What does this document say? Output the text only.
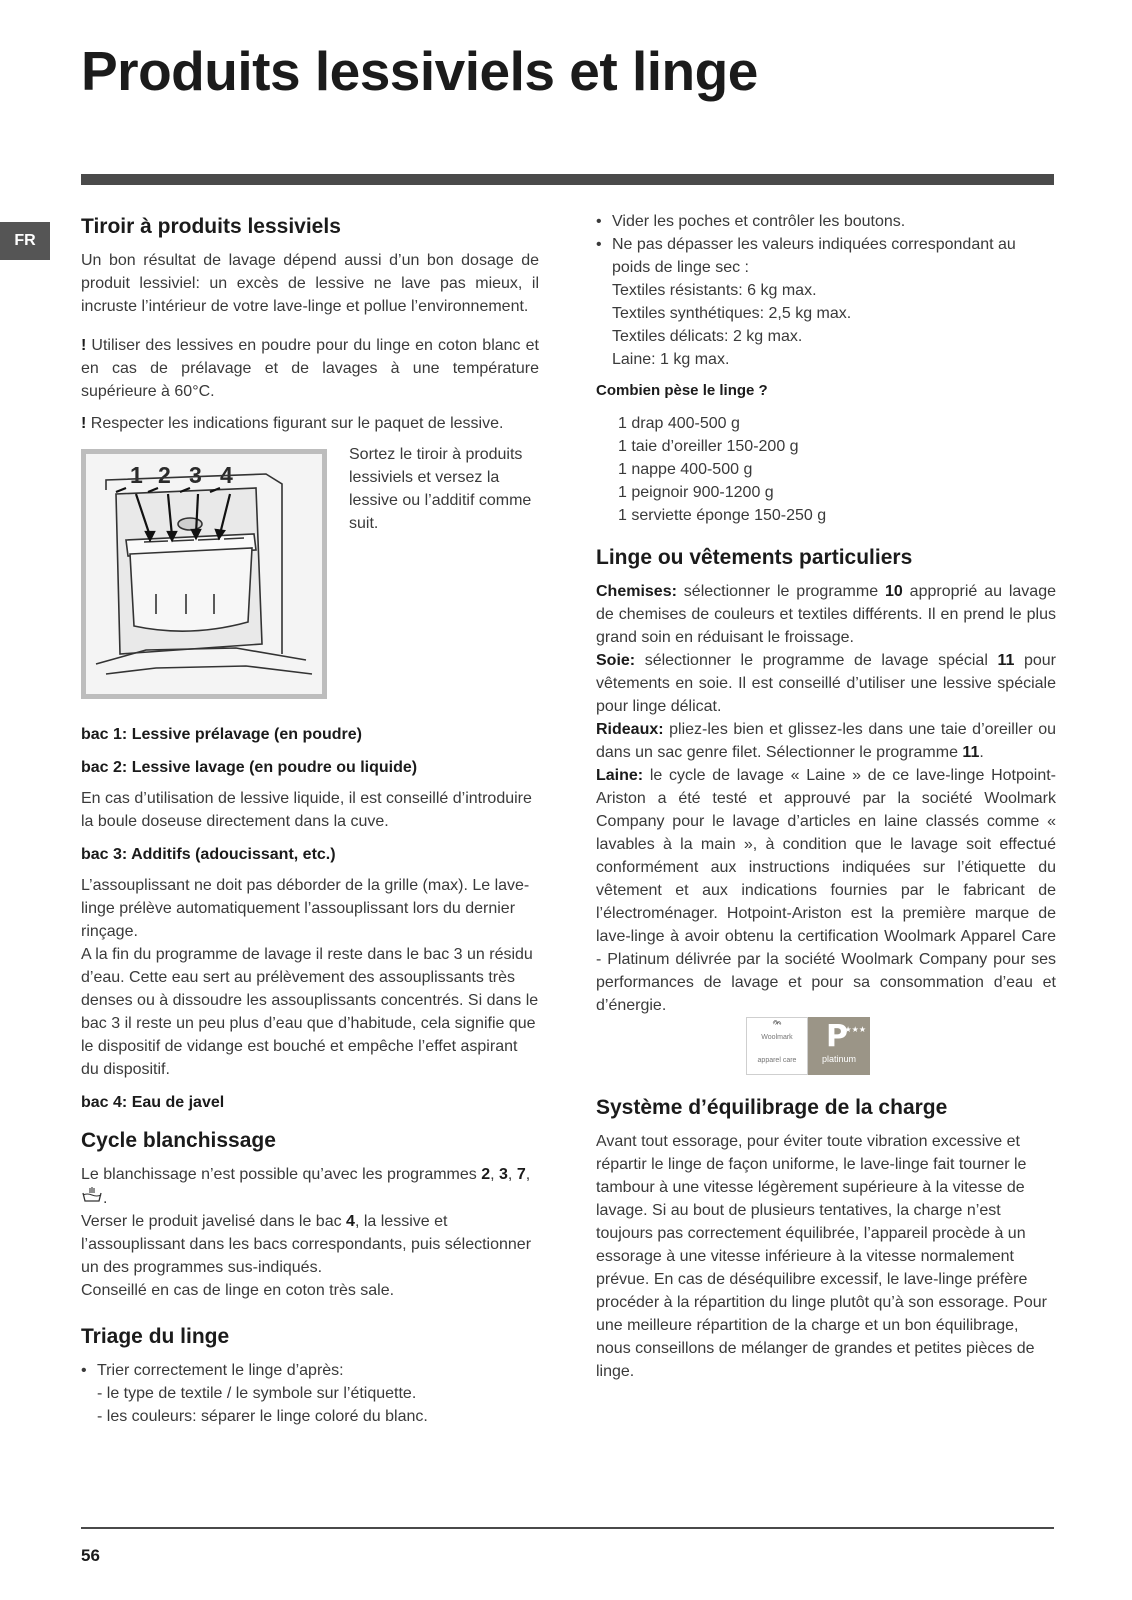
Produits lessiviels et linge
FR
Tiroir à produits lessiviels

Un bon résultat de lavage dépend aussi d’un bon dosage de produit lessiviel: un excès de lessive ne lave pas mieux, il incruste l’intérieur de votre lave-linge et pollue l’environnement.

! Utiliser des lessives en poudre pour du linge en coton blanc et en cas de prélavage et de lavages à une température supérieure à 60°C.

! Respecter les indications figurant sur le paquet de lessive.

1 2 3 4

Sortez le tiroir à produits lessiviels et versez la lessive ou l’additif comme suit.

bac 1: Lessive prélavage (en poudre)

bac 2: Lessive lavage (en poudre ou liquide)

En cas d’utilisation de lessive liquide, il est conseillé d’introduire la boule doseuse directement dans la cuve.

bac 3: Additifs (adoucissant, etc.)

L’assouplissant ne doit pas déborder de la grille (max). Le lave-linge prélève automatiquement l’assouplissant lors du dernier rinçage.

A la fin du programme de lavage il reste dans le bac 3 un résidu d’eau. Cette eau sert au prélèvement des assouplissants très denses ou à dissoudre les assouplissants concentrés. Si dans le bac 3 il reste un peu plus d’eau que d’habitude, cela signifie que le dispositif de vidange est bouché et empêche l’effet aspirant du dispositif.

bac 4: Eau de javel

Cycle blanchissage

Le blanchissage n’est possible qu’avec les programmes 2, 3, 7, .

Verser le produit javelisé dans le bac 4, la lessive et l’assouplissant dans les bacs correspondants, puis sélectionner un des programmes sus-indiqués.

Conseillé en cas de linge en coton très sale.

Triage du linge
• Trier correctement le linge d’après:
- le type de textile / le symbole sur l’étiquette.
- les couleurs: séparer le linge coloré du blanc.
• Vider les poches et contrôler les boutons.
• Ne pas dépasser les valeurs indiquées correspondant au poids de linge sec :
Textiles résistants: 6 kg max.
Textiles synthétiques: 2,5 kg max.
Textiles délicats: 2 kg max.
Laine: 1 kg max.

Combien pèse le linge ?

1 drap 400-500 g
1 taie d’oreiller 150-200 g
1 nappe 400-500 g
1 peignoir 900-1200 g
1 serviette éponge 150-250 g
Linge ou vêtements particuliers

Chemises: sélectionner le programme 10 approprié au lavage de chemises de couleurs et textiles différents. Il en prend le plus grand soin en réduisant le froissage.

Soie: sélectionner le programme de lavage spécial 11 pour vêtements en soie. Il est conseillé d’utiliser une lessive spéciale pour linge délicat.

Rideaux: pliez-les bien et glissez-les dans une taie d’oreiller ou dans un sac genre filet. Sélectionner le programme 11.

Laine: le cycle de lavage « Laine » de ce lave-linge Hotpoint-Ariston a été testé et approuvé par la société Woolmark Company pour le lavage d’articles en laine classés comme « lavables à la main », à condition que le lavage soit effectué conformément aux instructions indiquées sur l’étiquette du vêtement et aux indications fournies par le fabricant de l’électroménager. Hotpoint-Ariston est la première marque de lave-linge à avoir obtenu la certification Woolmark Apparel Care - Platinum délivrée par la société Woolmark Company pour ses performances de lavage et pour sa consommation d’eau et d’énergie.

Woolmark
apparel care
★★★
P
platinum
Système d’équilibrage de la charge

Avant tout essorage, pour éviter toute vibration excessive et répartir le linge de façon uniforme, le lave-linge fait tourner le tambour à une vitesse légèrement supérieure à la vitesse de lavage. Si au bout de plusieurs tentatives, la charge n’est toujours pas correctement équilibrée, l’appareil procède à un essorage à une vitesse inférieure à la vitesse normalement prévue. En cas de déséquilibre excessif, le lave-linge préfère procéder à la répartition du linge plutôt qu’à son essorage. Pour une meilleure répartition de la charge et un bon équilibrage, nous conseillons de mélanger de grandes et petites pièces de linge.

56
